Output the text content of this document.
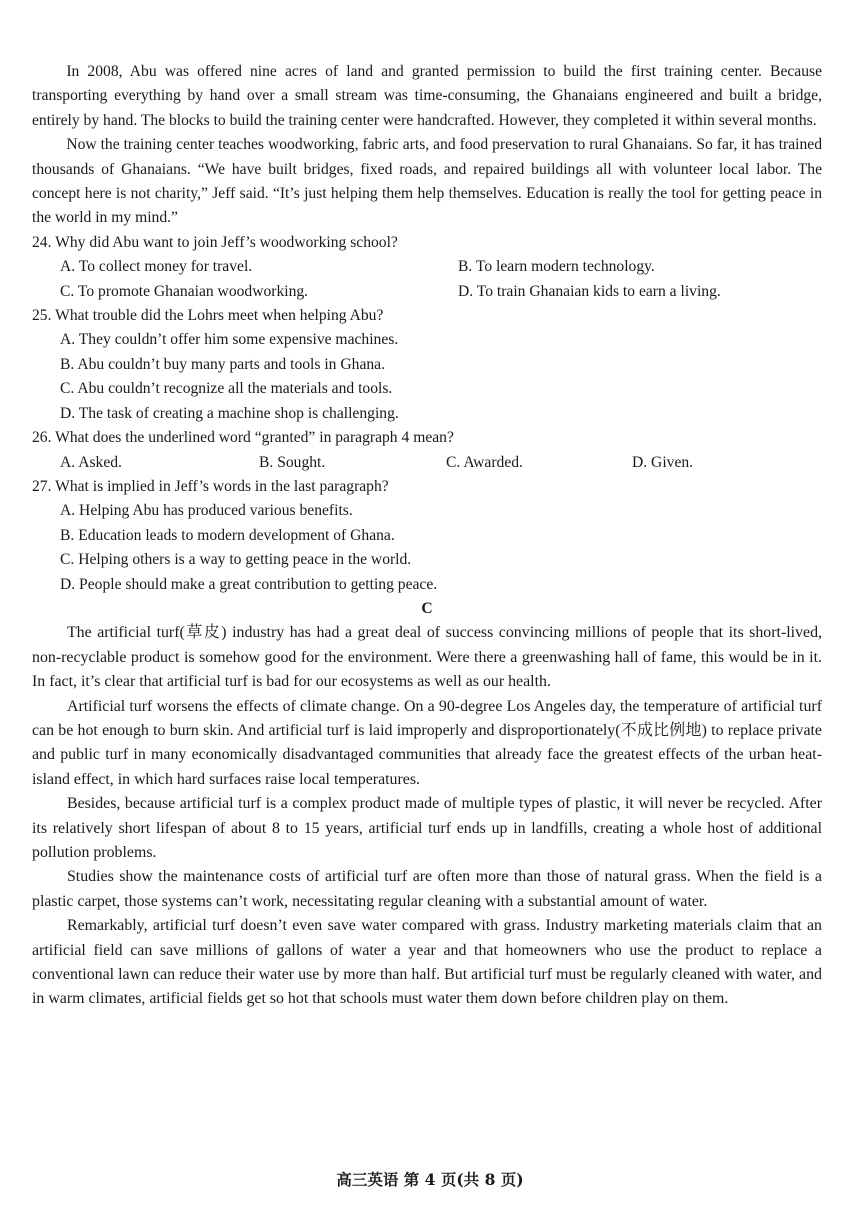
In 2008, Abu was offered nine acres of land and granted permission to build the first training center. Because transporting everything by hand over a small stream was time-consuming, the Ghanaians engineered and built a bridge, entirely by hand. The blocks to build the training center were handcrafted. However, they completed it within several months.

Now the training center teaches woodworking, fabric arts, and food preservation to rural Ghanaians. So far, it has trained thousands of Ghanaians. “We have built bridges, fixed roads, and repaired buildings all with volunteer local labor. The concept here is not charity,” Jeff said. “It’s just helping them help themselves. Education is really the tool for getting peace in the world in my mind.”

24. Why did Abu want to join Jeff’s woodworking school?
A. To collect money for travel.	B. To learn modern technology.
C. To promote Ghanaian woodworking.	D. To train Ghanaian kids to earn a living.
25. What trouble did the Lohrs meet when helping Abu?
A. They couldn’t offer him some expensive machines.
B. Abu couldn’t buy many parts and tools in Ghana.
C. Abu couldn’t recognize all the materials and tools.
D. The task of creating a machine shop is challenging.
26. What does the underlined word “granted” in paragraph 4 mean?
A. Asked.	B. Sought.	C. Awarded.	D. Given.
27. What is implied in Jeff’s words in the last paragraph?
A. Helping Abu has produced various benefits.
B. Education leads to modern development of Ghana.
C. Helping others is a way to getting peace in the world.
D. People should make a great contribution to getting peace.
C

The artificial turf(草皮) industry has had a great deal of success convincing millions of people that its short-lived, non-recyclable product is somehow good for the environment. Were there a greenwashing hall of fame, this would be in it. In fact, it’s clear that artificial turf is bad for our ecosystems as well as our health.

Artificial turf worsens the effects of climate change. On a 90-degree Los Angeles day, the temperature of artificial turf can be hot enough to burn skin. And artificial turf is laid improperly and disproportionately(不成比例地) to replace private and public turf in many economically disadvantaged communities that already face the greatest effects of the urban heat-island effect, in which hard surfaces raise local temperatures.

Besides, because artificial turf is a complex product made of multiple types of plastic, it will never be recycled. After its relatively short lifespan of about 8 to 15 years, artificial turf ends up in landfills, creating a whole host of additional pollution problems.

Studies show the maintenance costs of artificial turf are often more than those of natural grass. When the field is a plastic carpet, those systems can’t work, necessitating regular cleaning with a substantial amount of water.

Remarkably, artificial turf doesn’t even save water compared with grass. Industry marketing materials claim that an artificial field can save millions of gallons of water a year and that homeowners who use the product to replace a conventional lawn can reduce their water use by more than half. But artificial turf must be regularly cleaned with water, and in warm climates, artificial fields get so hot that schools must water them down before children play on them.

高三英语 第 4 页(共 8 页)
